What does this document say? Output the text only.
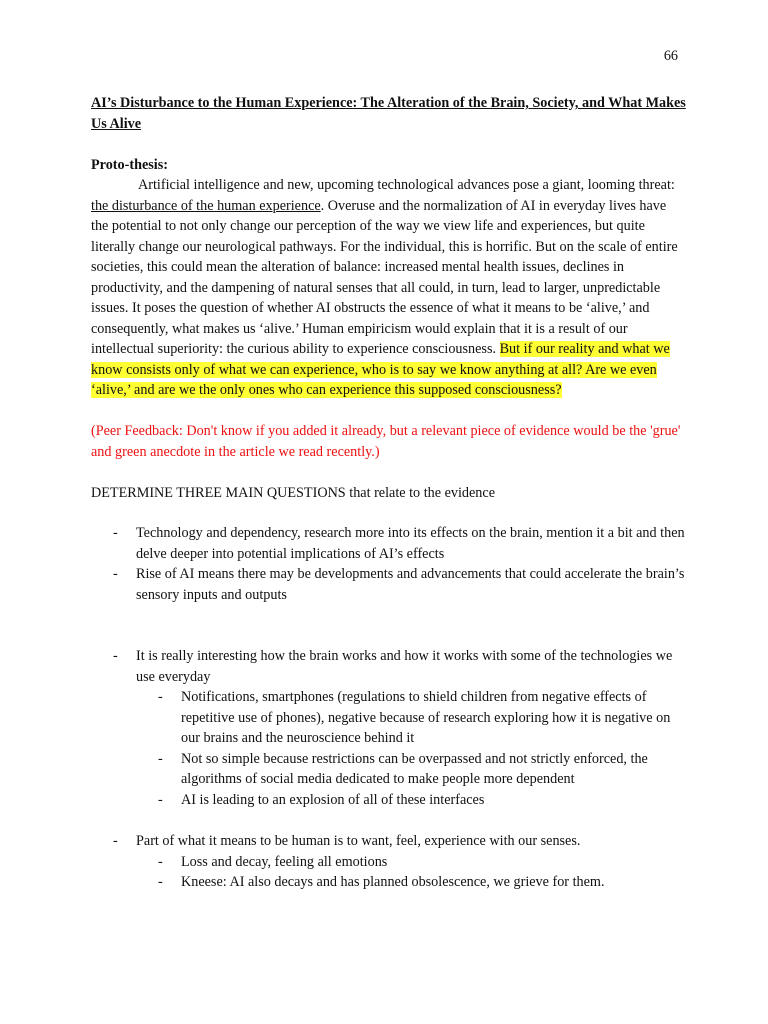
66
AI’s Disturbance to the Human Experience: The Alteration of the Brain, Society, and What Makes Us Alive
Proto-thesis:

Artificial intelligence and new, upcoming technological advances pose a giant, looming threat: the disturbance of the human experience. Overuse and the normalization of AI in everyday lives have the potential to not only change our perception of the way we view life and experiences, but quite literally change our neurological pathways. For the individual, this is horrific. But on the scale of entire societies, this could mean the alteration of balance: increased mental health issues, declines in productivity, and the dampening of natural senses that all could, in turn, lead to larger, unpredictable issues. It poses the question of whether AI obstructs the essence of what it means to be ‘alive,’ and consequently, what makes us ‘alive.’ Human empiricism would explain that it is a result of our intellectual superiority: the curious ability to experience consciousness. But if our reality and what we know consists only of what we can experience, who is to say we know anything at all? Are we even ‘alive,’ and are we the only ones who can experience this supposed consciousness?

(Peer Feedback: Don't know if you added it already, but a relevant piece of evidence would be the 'grue' and green anecdote in the article we read recently.)
DETERMINE THREE MAIN QUESTIONS that relate to the evidence
- Technology and dependency, research more into its effects on the brain, mention it a bit and then delve deeper into potential implications of AI’s effects
- Rise of AI means there may be developments and advancements that could accelerate the brain’s sensory inputs and outputs
- It is really interesting how the brain works and how it works with some of the technologies we use everyday
- Notifications, smartphones (regulations to shield children from negative effects of repetitive use of phones), negative because of research exploring how it is negative on our brains and the neuroscience behind it
- Not so simple because restrictions can be overpassed and not strictly enforced, the algorithms of social media dedicated to make people more dependent
- AI is leading to an explosion of all of these interfaces
- Part of what it means to be human is to want, feel, experience with our senses.
- Loss and decay, feeling all emotions
- Kneese: AI also decays and has planned obsolescence, we grieve for them.
